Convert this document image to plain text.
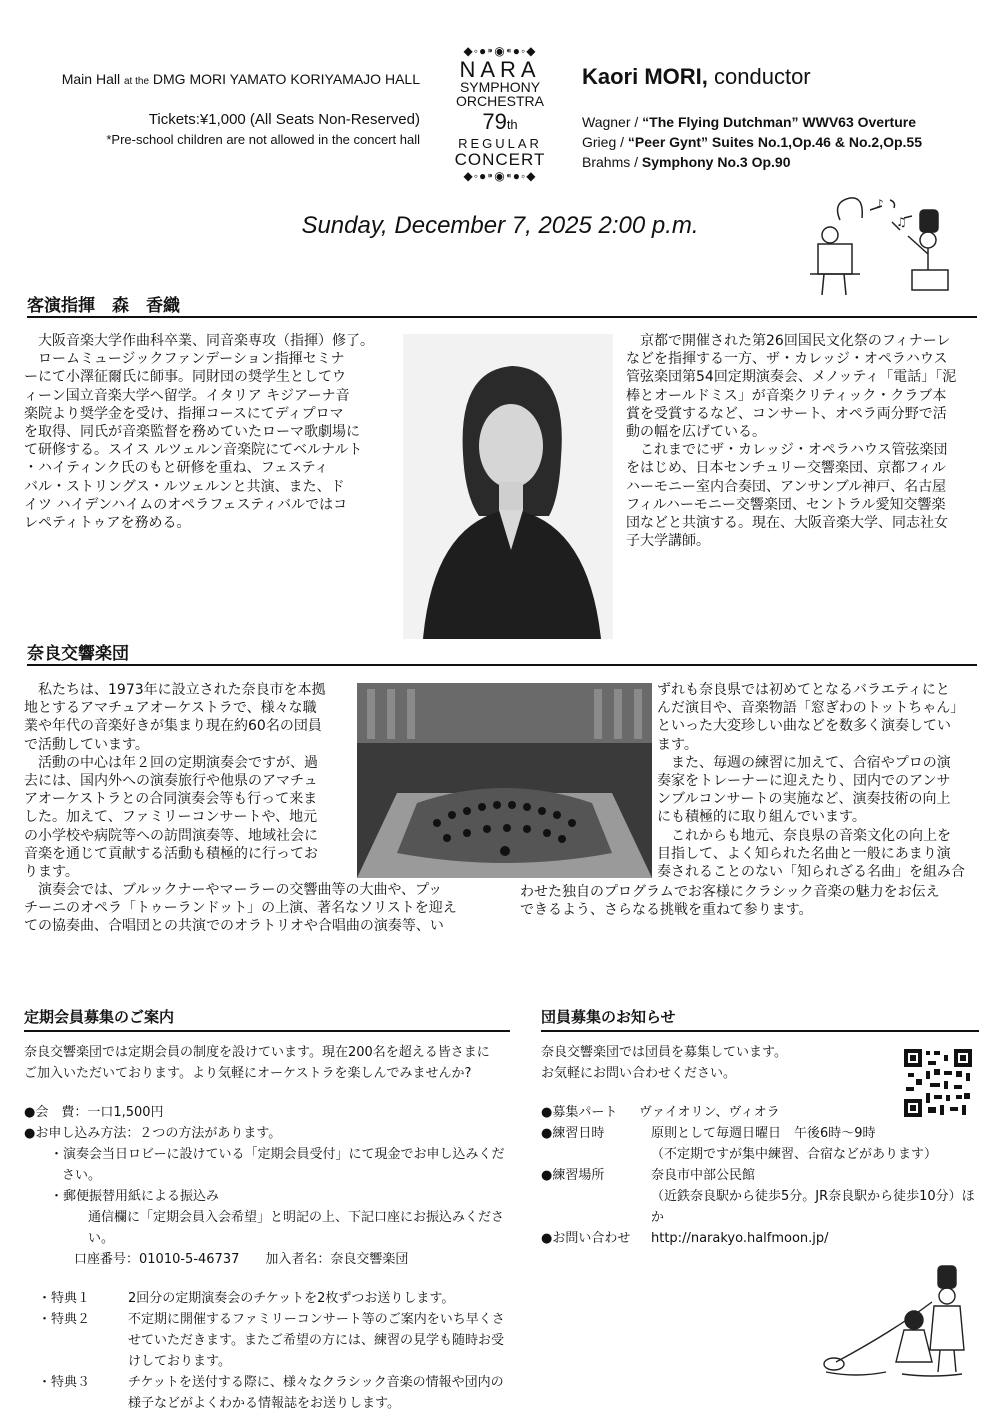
Main Hall at the DMG MORI YAMATO KORIYAMAJO HALL
Tickets:¥1,000 (All Seats Non-Reserved)
*Pre-school children are not allowed in the concert hall
◆◦●⁍◉⁌●◦◆
NARA
SYMPHONY
ORCHESTRA
79th
REGULAR
CONCERT
◆◦●⁍◉⁌●◦◆
Kaori MORI, conductor
Wagner / “The Flying Dutchman” WWV63 Overture
Grieg / “Peer Gynt” Suites No.1,Op.46 & No.2,Op.55
Brahms / Symphony No.3 Op.90
Sunday, December 7, 2025 2:00 p.m.
♪
♫
客演指揮　森　香織
　大阪音楽大学作曲科卒業、同音楽専攻（指揮）修了。
　ロームミュージックファンデーション指揮セミナ
ーにて小澤征爾氏に師事。同財団の奨学生としてウ
ィーン国立音楽大学へ留学。イタリア キジアーナ音
楽院より奨学金を受け、指揮コースにてディプロマ
を取得、同氏が音楽監督を務めていたローマ歌劇場に
て研修する。スイス ルツェルン音楽院にてベルナルト
・ハイティンク氏のもと研修を重ね、フェスティ
バル・ストリングス・ルツェルンと共演、また、ド
イツ ハイデンハイムのオペラフェスティバルではコ
レペティトゥアを務める。
　京都で開催された第26回国民文化祭のフィナーレ
などを指揮する一方、ザ・カレッジ・オペラハウス
管弦楽団第54回定期演奏会、メノッティ「電話」「泥
棒とオールドミス」が音楽クリティック・クラブ本
賞を受賞するなど、コンサート、オペラ両分野で活
動の幅を広げている。
　これまでにザ・カレッジ・オペラハウス管弦楽団
をはじめ、日本センチュリー交響楽団、京都フィル
ハーモニー室内合奏団、アンサンブル神戸、名古屋
フィルハーモニー交響楽団、セントラル愛知交響楽
団などと共演する。現在、大阪音楽大学、同志社女
子大学講師。
奈良交響楽団
　私たちは、1973年に設立された奈良市を本拠
地とするアマチュアオーケストラで、様々な職
業や年代の音楽好きが集まり現在約60名の団員
で活動しています。
　活動の中心は年２回の定期演奏会ですが、過
去には、国内外への演奏旅行や他県のアマチュ
アオーケストラとの合同演奏会等も行って来ま
した。加えて、ファミリーコンサートや、地元
の小学校や病院等への訪問演奏等、地域社会に
音楽を通じて貢献する活動も積極的に行ってお
ります。
　演奏会では、ブルックナーやマーラーの交響曲等の大曲や、プッ
チーニのオペラ「トゥーランドット」の上演、著名なソリストを迎え
ての協奏曲、合唱団との共演でのオラトリオや合唱曲の演奏等、い
ずれも奈良県では初めてとなるバラエティにと
んだ演目や、音楽物語「窓ぎわのトットちゃん」
といった大変珍しい曲などを数多く演奏してい
ます。
　また、毎週の練習に加えて、合宿やプロの演
奏家をトレーナーに迎えたり、団内でのアンサ
ンブルコンサートの実施など、演奏技術の向上
にも積極的に取り組んでいます。
　これからも地元、奈良県の音楽文化の向上を
目指して、よく知られた名曲と一般にあまり演
奏されることのない「知られざる名曲」を組み合
わせた独自のプログラムでお客様にクラシック音楽の魅力をお伝え
できるよう、さらなる挑戦を重ねて参ります。
定期会員募集のご案内
奈良交響楽団では定期会員の制度を設けています。現在200名を超える皆さまに
ご加入いただいております。より気軽にオーケストラを楽しんでみませんか?
●会　費：一口1,500円
●お申し込み方法：２つの方法があります。
・演奏会当日ロビーに設けている「定期会員受付」にて現金でお申し込みくだ
さい。
・郵便振替用紙による振込み
通信欄に「定期会員入会希望」と明記の上、下記口座にお振込みください。
口座番号：01010-5-46737　　加入者名：奈良交響楽団
・特典１	2回分の定期演奏会のチケットを2枚ずつお送りします。
・特典２	不定期に開催するファミリーコンサート等のご案内をいち早くさ
せていただきます。またご希望の方には、練習の見学も随時お受
けしております。
・特典３	チケットを送付する際に、様々なクラシック音楽の情報や団内の
様子などがよくわかる情報誌をお送りします。
団員募集のお知らせ
奈良交響楽団では団員を募集しています。
お気軽にお問い合わせください。
●募集パート	ヴァイオリン、ヴィオラ
●練習日時	原則として毎週日曜日　午後6時～9時
（不定期ですが集中練習、合宿などがあります）
●練習場所	奈良市中部公民館
（近鉄奈良駅から徒歩5分。JR奈良駅から徒歩10分）ほか
●お問い合わせ	http://narakyo.halfmoon.jp/
